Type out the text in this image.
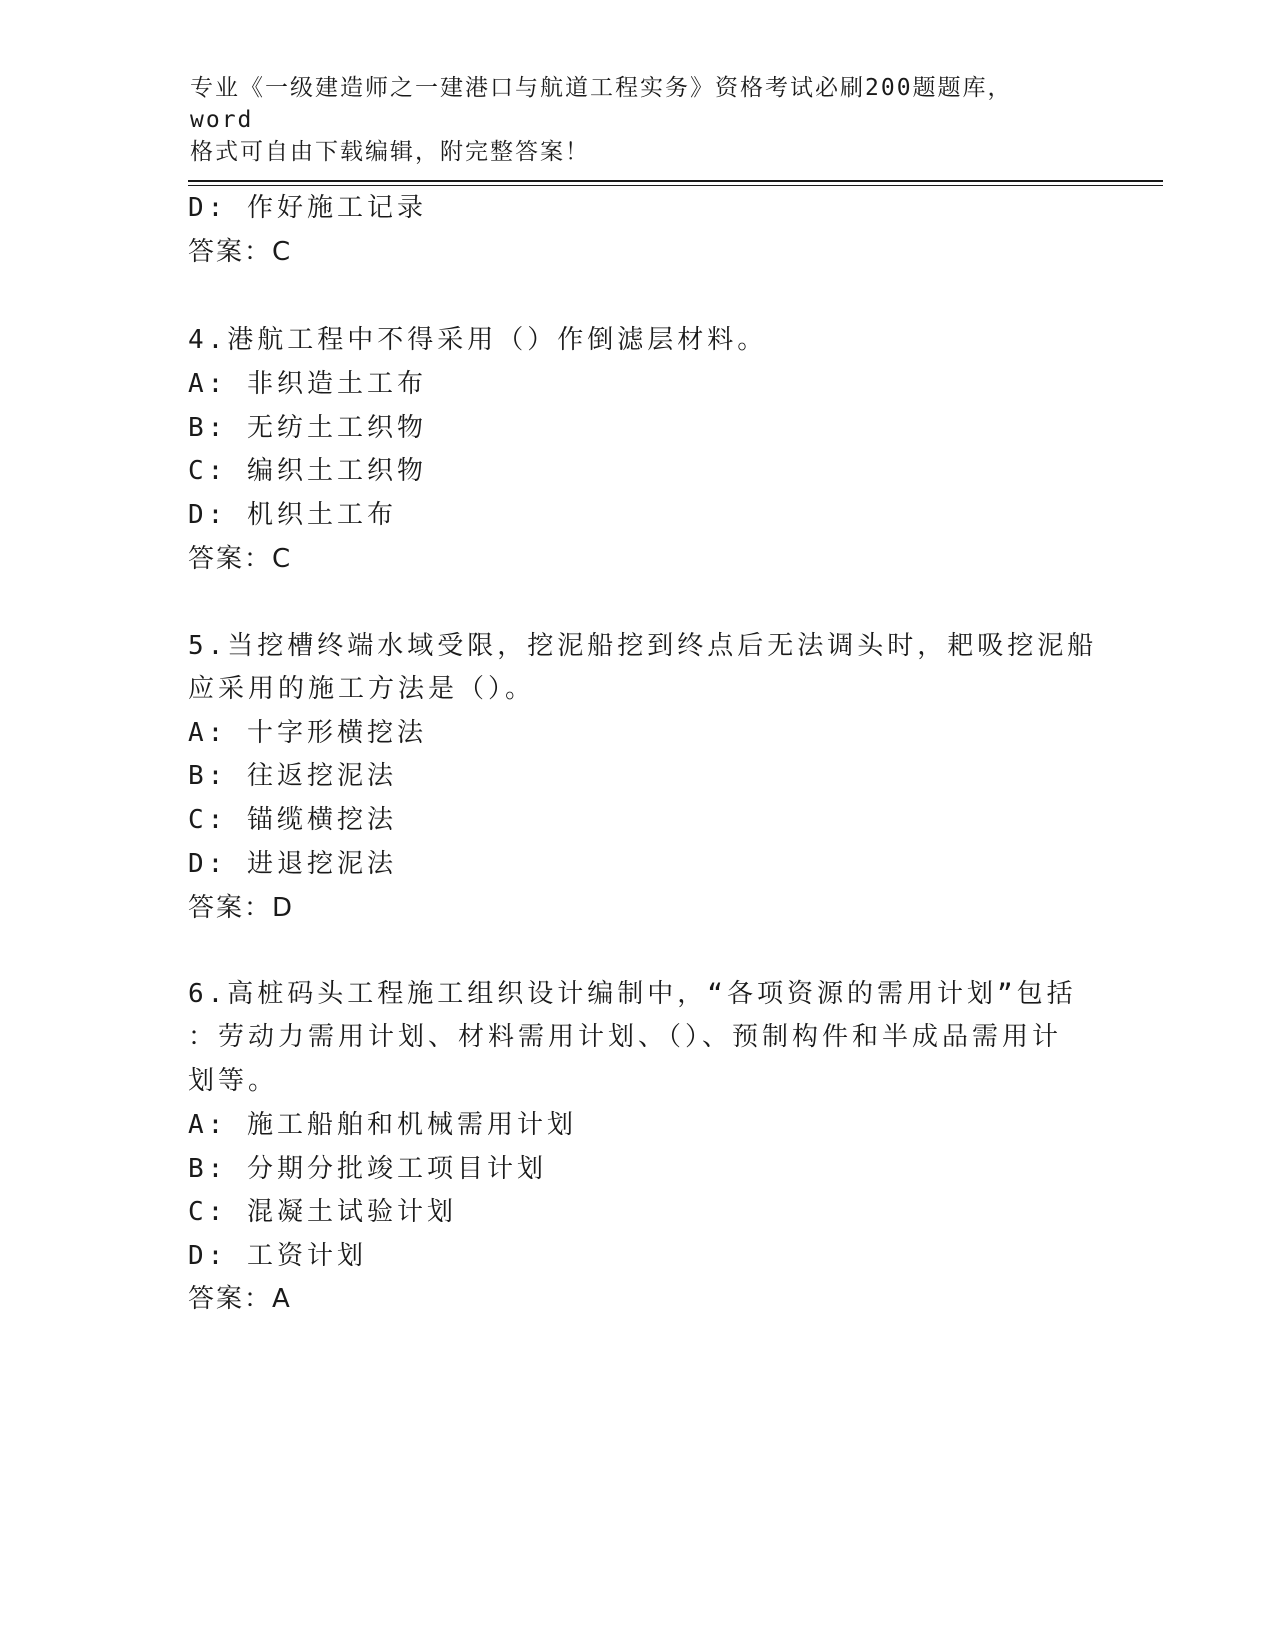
专业《一级建造师之一建港口与航道工程实务》资格考试必刷200题题库，word
格式可自由下载编辑，附完整答案！
D: 作好施工记录
答案：C
4.港航工程中不得采用（）作倒滤层材料。
A: 非织造土工布
B: 无纺土工织物
C: 编织土工织物
D: 机织土工布
答案：C
5.当挖槽终端水域受限，挖泥船挖到终点后无法调头时，耙吸挖泥船
应采用的施工方法是（）。
A: 十字形横挖法
B: 往返挖泥法
C: 锚缆横挖法
D: 进退挖泥法
答案：D
6.高桩码头工程施工组织设计编制中，“各项资源的需用计划”包括
：劳动力需用计划、材料需用计划、（）、预制构件和半成品需用计
划等。
A: 施工船舶和机械需用计划
B: 分期分批竣工项目计划
C: 混凝土试验计划
D: 工资计划
答案：A
